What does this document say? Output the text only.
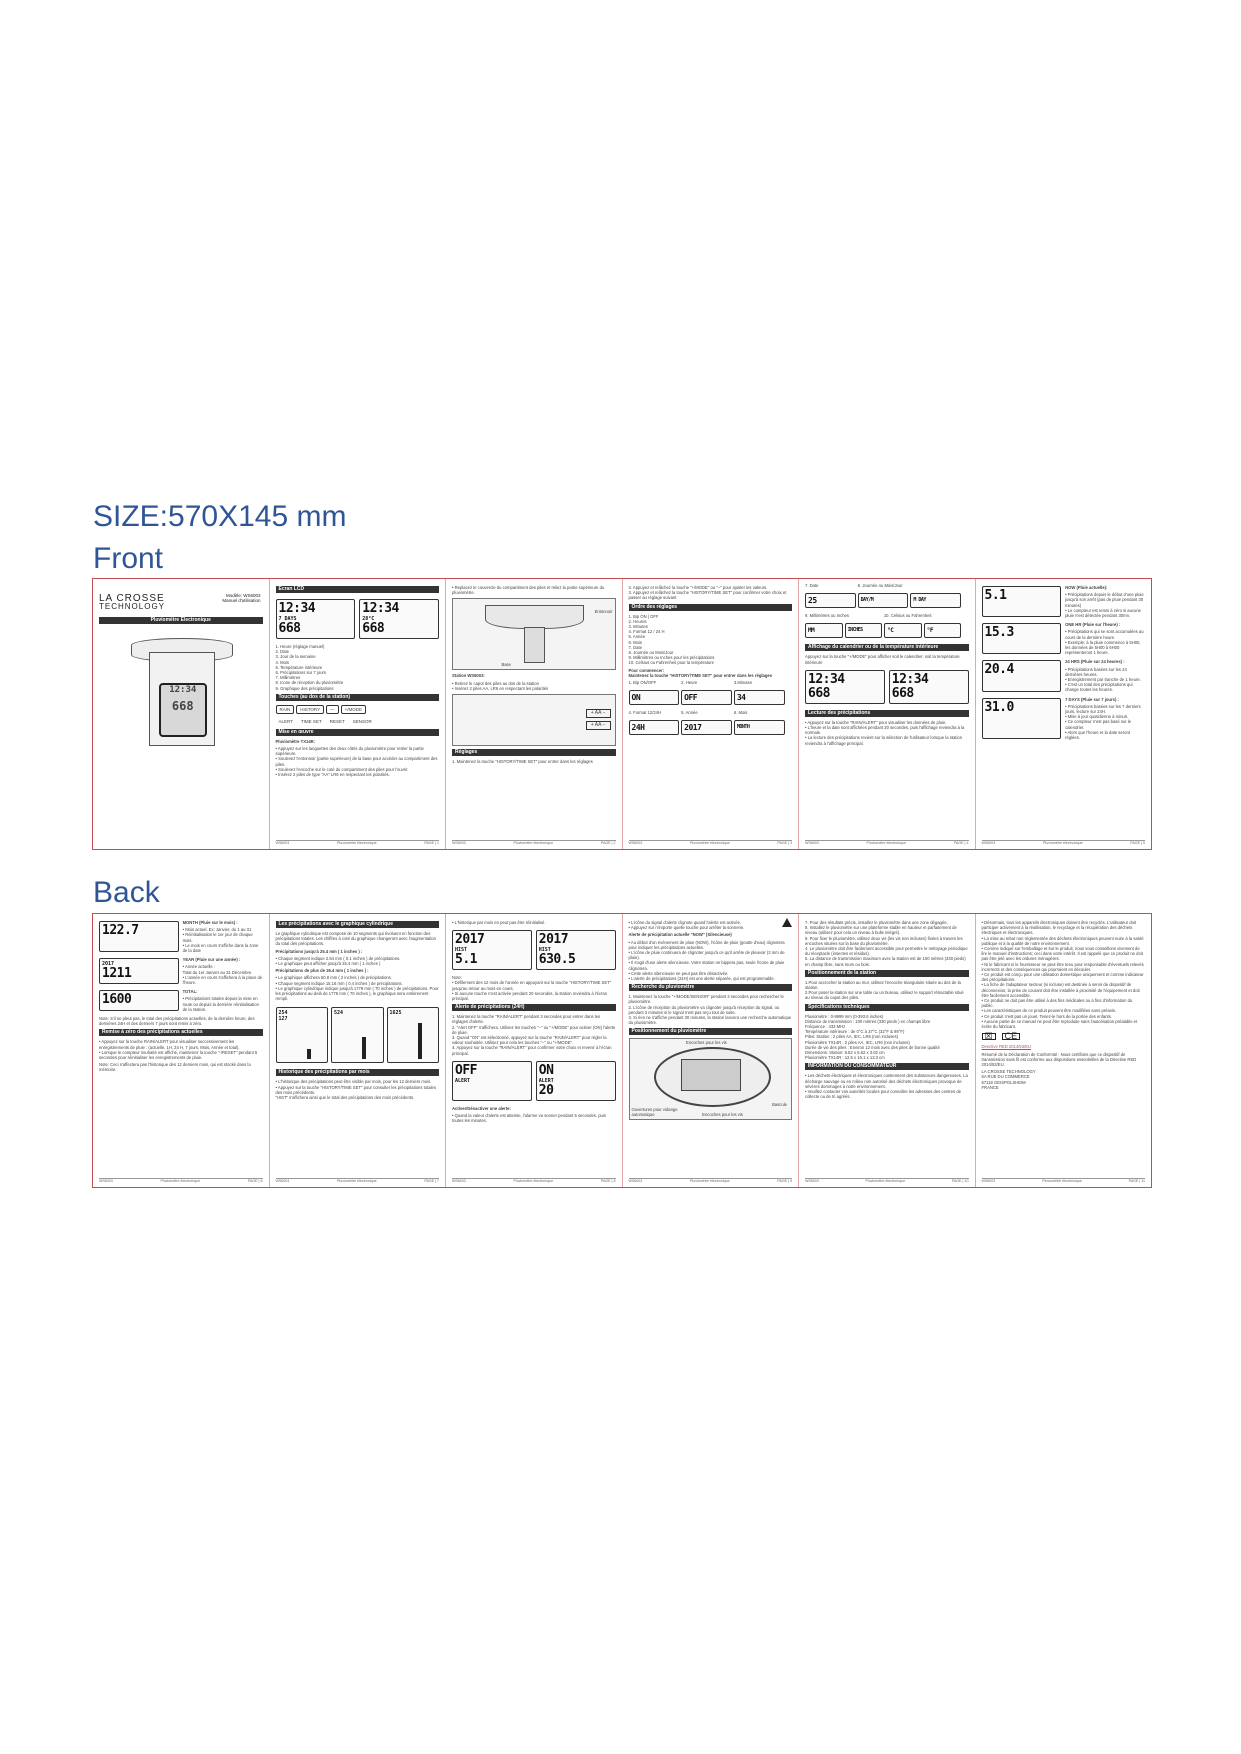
SIZE:570X145 mm
Front
LA CROSSE
TECHNOLOGY
Modèle: WS6003
Manuel d'utilisation
Pluviomètre Electronique
12:34
668
Ecran LCD
12:34
7 DAYS
668
12:34
28°C
668
1. Heure (réglage manuel)
2. Date
3. Jour de la semaine
4. Mois
5. Température intérieure
6. Précipitations sur 7 jours
7. Millimètres
8. Icone de réception du pluviomètre
9. Graphique des précipitations
Touches (au dos de la station)
RAIN	HISTORY	—	+/MODE
ALERT	TIME SET	RESET	SENSOR
Mise en œuvre
Pluviomètre TX14R:
• Appuyez sur les languettes des deux côtés du pluviomètre pour retirer la partie supérieure.
• Soulevez l'entonnoir (partie supérieure) de la base pour accéder au compartiment des piles.
• Soulevez l'encoche sur le coté du compartiment des piles pour l'ouvrir.
• Insérez 2 piles de type "AA" LR6 en respectant les polarités.
WS6003	Pluviomètre électronique	PAGE | 1
• Replacez le couvercle du compartiment des piles et reliez la partie supérieure du pluviomètre.
Entonnoir
Base
Station WS6003:
• Retirez le capot des piles au dos de la station
• Insérez 2 piles AA, LR6 en respectant les polarités
+ AA −
+ AA −
Réglages
1. Maintenez la touche "HISTORY/TIME SET" pour entrer dans les réglages
WS6003	Pluviomètre électronique	PAGE | 2
2. Appuyez et relâchez la touche "+/MODE" ou "−" pour ajuster les valeurs.
3. Appuyez et relâchez la touche "HISTORY/TIME SET" pour confirmer votre choix et passer au réglage suivant
Ordre des réglages
1. Bip ON | OFF
2. Heures
3. Minutes
4. Format 12 / 24 H
5. Année
6. Mois
7. Date
8. Journée ou Mois/Jour
9. Millimètres ou Inches pour les précipitations
10. Celsius ou Fahrenheit pour la température
Pour commencer:
Maintenez la touche "HISTORY/TIME SET" pour entrer dans les réglages
1. Bip ON/OFF	2. Heure	3.Minutes
ON	OFF	34
4. Format 12/24H	5. Année	6. Mois
24H	2017	MONTH
WS6003	Pluviomètre électronique	PAGE | 3
7. Date	8. Journée ou Mois/Jour
25	DAY/M	M DAY
9. Millimètres ou Inches	10. Celsius ou Fahrenheit
MM	INCHES	°C	°F
Affichage du calendrier ou de la température intérieure
Appuyez sur la touche "+/MODE" pour afficher soit le calendrier, soit la température intérieure
12:34
668
12:34
668
Lecture des précipitations
• Appuyez sur la touche "RAIN/ALERT" pour visualiser les données de pluie.
• L'heure et la date sont affichées pendant 20 secondes, puis l'affichage reviendra à la normale.
• La lecture des précipitations revient sur la sélection de l'utilisateur lorsque la station reviendra à l'affichage principal.
WS6003	Pluviomètre électronique	PAGE | 4
5.1
NOW (Pluie actuelle):
• Précipitations depuis le début d'une pluie jusqu'à son arrêt (pas de pluie pendant 30 minutes)
• Le compteur est remis à zéro si aucune pluie n'est détectée pendant 30mn.
15.3
ONE HR (Pluie sur l'heure) :
• Précipitations qui se sont accumulées au cours de la dernière heure.
• Exemple: à la pluie commence à 5H00, les données de 5H00 à 6H00 représenteront 1 heure.
20.4
24 HRS (Pluie sur 24 heures) :
• Précipitations basées sur les 24 dernières heures.
• Enregistrement par tranche de 1 heure.
• C'est un total des précipitations qui change toutes les heures.
31.0
7 DAYS (Pluie sur 7 jours) :
• Précipitations basées sur les 7 derniers jours, lecture sur 24H.
• Mise à jour quotidienne à minuit.
• Ce compteur n'est pas basé sur le calendrier.
• Alors que l'heure et la date seront réglées.
WS6003	Pluviomètre électronique	PAGE | 5
Back
122.7
MONTH (Pluie sur le mois) :
• Mois actuel. Ex: Janvier, du 1 au 31
• Réinitialisation le 1er jour de chaque mois.
• Le mois en cours s'affiche dans la zone de la date
2017
1211
YEAR (Pluie sur une année) :
• Année actuelle :
Total du 1er Janvier au 31 Décembre.
• L'année en cours s'affichera à la place de l'heure.
1600
TOTAL:
• Précipitations totales depuis la mise en route ou depuis la dernière réinitialisation de la station.
Note: S'il ne pleut pas, le total des précipitations actuelles, de la dernière heure, des dernières 24H et des derniers 7 jours sont remis à zéro.
Remise à zéro des précipitations actuelles
• Appuyez sur la touche RAIN/ALERT pour visualiser successivement les enregistrements de pluie : (actuelle, 1H, 24 H, 7 jours, Mois, Année et total).
• Lorsque le compteur souhaité est affiché, maintenez la touche "-/RESET" pendant 5 secondes pour réinitialiser les enregistrements de pluie.
Note: Ceci n'affectera pas l'historique des 12 derniers mois, qui est stocké dans la mémoire.
WS6003	Pluviomètre électronique	PAGE | 6
Les précipitations avec le graphique cylindrique
Le graphique cylindrique est composé de 10 segments qui évoluent en fonction des précipitations totales. Les chiffres à coté du graphique changeront avec l'augmentation du total des précipitations.
Précipitations jusqu'à 25.4 mm ( 1 inches ) :
• Chaque segment indique 2.54 mm ( 0.1 inches ) de précipitations.
• Le graphique peut afficher jusqu'à 25.4 mm ( 1 inches )
Précipitations de plus de 25.4 mm ( 1 inches ) :
• Le graphique affichera 50.8 mm ( 2 inches ) de précipitations.
• Chaque segment indique 15.16 mm ( 0.4 inches ) de précipitations.
• Le graphique cylindrique indique jusqu'à 1778 mm ( 70 inches ) de précipitations. Pour les précipitations au-delà de 1778 mm ( 70 inches ), le graphique sera entièrement rempli.
254
127
524	1625
Historique des précipitations par mois
• L'historique des précipitations peut être visible par mois, pour les 12 derniers mois.
• Appuyez sur la touche "HISTORY/TIME SET" pour consulter les précipitations totales des mois précédents.
"HIST" s'affichera ainsi que le total des précipitations des mois précédents.
WS6003	Pluviomètre électronique	PAGE | 7
• L'historique par mois en peut pas être réinitialisé.
2017
HIST
5.1
2017
HIST
630.5
Note:
• Défilement des 12 mois de l'année en appuyant sur la touche "HISTORY/TIME SET" jusqu'au retour au mois en cours.
• Si aucune touche n'est activée pendant 20 secondes, la station reviendra à l'écran principal.
Alerte de précipitations (24H)
1. Maintenez la touche "RAIN/ALERT" pendant 3 secondes pour entrer dans les réglages d'alerte.
2. "Alert OFF" s'affichera. Utilisez les touches "−" ou "+/MODE" pour activer (ON) l'alerte de pluie.
3. Quand "ON" est sélectionné, appuyez sur la touche "RAIN/ALERT" pour régler la valeur souhaitée. Utilisez pour cela les touches "−" ou "+/MODE".
4. Appuyez sur la touche "RAIN/ALERT" pour confirmer votre choix et revenir à l'écran principal.
OFF
ALERT
ON
ALERT
20
Activer/Désactiver une alerte:
• Quand la valeur d'alerte est atteinte, l'alarme va sonner pendant 5 secondes, puis toutes les minutes.
WS6003	Pluviomètre électronique	PAGE | 8
• L'icône du signal d'alerte clignote quand l'alerte est activée.
• Appuyez sur n'importe quelle touche pour arrêter la sonnerie.
Alerte de précipitation actuelle "NOW" (Silencieuse)
• Au début d'un événement de pluie (NOW), l'icône de pluie (goutte d'eau) clignotera pour indiquer les précipitations actuelles.
• L'icône de pluie continuera de clignoter jusqu'à ce qu'il arrête de pleuvoir (3 mm de pluie).
• Il s'agit d'une alerte silencieuse. Votre station ne bippera pas, seule l'icone de pluie clignotera.
• Cette alerte silencieuse ne peut pas être désactivée.
• L'alerte de précipitations (24H) est une alerte séparée, qui est programmable.
Recherche du pluviomètre
1. Maintenez la touche "+/MODE/SENSOR" pendant 3 secondes pour rechercher le pluviomètre.
2. L'icône de réception du pluviomètre va clignoter jusqu'à réception du signal, ou pendant 3 minutes si le signal n'est pas reçu tout de suite.
3. Si rien ne s'affiche pendant 30 minutes, la station lancera une recherche automatique du pluviomètre.
Positionnement du pluviomètre
Encoches pour les vis
Ouvertures pour vidange automatique	Encoches pour les vis
Bascule
WS6003	Pluviomètre électronique	PAGE | 9
7. Pour des résultats précis, installez le pluviomètre dans une zone dégagée.
8. Installez le pluviomètre sur une plateforme stable en hauteur et parfaitement de niveau (utilisez pour cela un niveau à bulle intégré).
9. Pour fixer le pluviomètre, utilisez deux vis (les vis non incluses) fixées à travers les encoches situées sur la base du pluviomètre.
4. Le pluviomètre doit être facilement accessible pour permettre le nettoyage périodique du réceptacle (insectes et résidus).
5. La distance de transmission maximum avec la station est de 100 mètres (330 pieds) en champ libre, sans murs ou bois.
Positionnement de la station
1.Pour accrocher la station au mur, utilisez l'encoche triangulaire située au dos de la station.
2.Pour poser la station sur une table ou un bureau, utilisez le support rétractable situé au niveau du capot des piles.
Spécifications techniques
Pluviomètre : 0-9999 mm (0-393.6 inches)
Distance de transmission : 100 mètres (330 pieds ) en champs libre
Fréquence : 433 MHz
Température intérieure : de 0°C à 37°C (32°F & 99°F)
Piles: Station : 2 piles AA, IEC, LR6 (non incluses)
Pluviomètre TX14R : 2 piles AA, IEC, LR6 (non incluses)
Durée de vie des piles : Environ 12 mois avec des piles de bonne qualité
Dimensions: Station: 8.52 x 5.62 x 3.02 cm
Pluviomètre TX14R : 12.5 x 16.1 x 13.3 cm
INFORMATION DU CONSOMMATEUR
• Les déchets électriques et électroniques contiennent des substances dangereuses. La décharge sauvage ou en milieu non autorisé des déchets électroniques provoque de sévères dommages à notre environnement.
• Veuillez contacter vos autorités locales pour connaître les adresses des centres de collecte ou de tri agréés.
WS6003	Pluviomètre électronique	PAGE | 10
• Désormais, tous les appareils électroniques doivent être recyclés. L'utilisateur doit participer activement à la réutilisation, le recyclage et la récupération des déchets électriques et électroniques.
• La mise au rebut non réglementée des déchets électroniques peuvent nuire à la santé publique et à la qualité de notre environnement.
• Comme indiqué sur l'emballage et sur le produit, nous vous conseillons vivement de lire le manuel d'instructions; ceci dans votre intérêt. Il est rappelé que ce produit ne doit pas être jeté avec les ordures ménagères.
• Ni le fabricant ni le fournisseur ne peut être tenu pour responsable d'éventuels relevés incorrects et des conséquences qui pourraient en découler.
• Ce produit est conçu pour une utilisation domestique uniquement et comme indicateur des précipitations.
• La fiche de l'adaptateur secteur (si incluse) est destinée à servir de dispositif de déconnexion, la prise de courant doit être installée à proximité de l'équipement et doit être facilement accessible.
• Ce produit ne doit pas être utilisé à des fins médicales ou à fins d'information du public.
• Les caractéristiques de ce produit peuvent être modifiées sans préavis.
• Ce produit n'est pas un jouet. Tenez-le hors de la portée des enfants.
• Aucune partie de ce manuel ne peut être reproduite sans l'autorisation préalable et écrite du fabricant.
☒	CE
Directive RED 2014/53/EU
Résumé de la Déclaration de Conformité : Nous certifions que ce dispositif de transmission sans fil est conforme aux dispositions essentielles de la Directive RED 2014/53/EU.
LA CROSSE TECHNOLOGY
6A RUE DU COMMERCE
67118 GEISPOLSHEIM
FRANCE
WS6003	Pluviomètre électronique	PAGE | 11
